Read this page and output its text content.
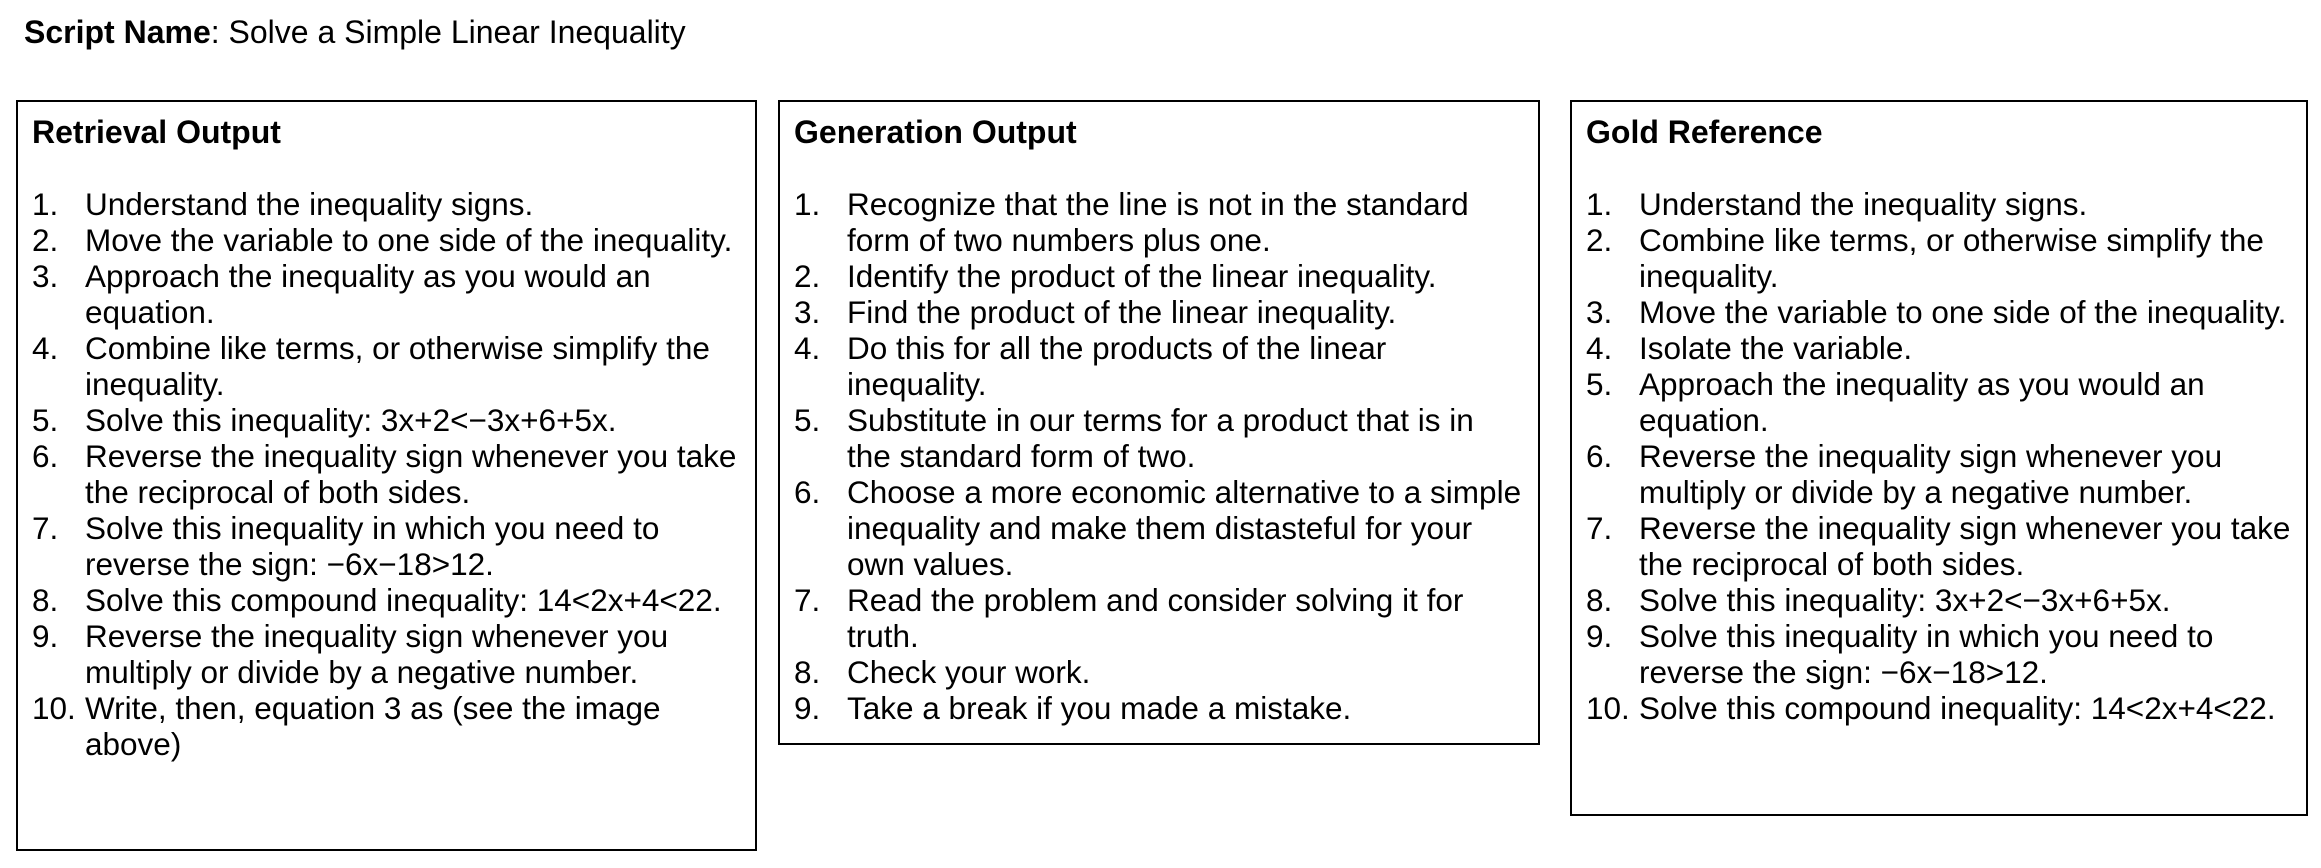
Script Name: Solve a Simple Linear Inequality
Retrieval Output
1. Understand the inequality signs.
2. Move the variable to one side of the inequality.
3. Approach the inequality as you would an equation.
4. Combine like terms, or otherwise simplify the inequality.
5. Solve this inequality: 3x+2<−3x+6+5x.
6. Reverse the inequality sign whenever you take the reciprocal of both sides.
7. Solve this inequality in which you need to reverse the sign: −6x−18>12.
8. Solve this compound inequality: 14<2x+4<22.
9. Reverse the inequality sign whenever you multiply or divide by a negative number.
10. Write, then, equation 3 as (see the image above)
Generation Output
1. Recognize that the line is not in the standard form of two numbers plus one.
2. Identify the product of the linear inequality.
3. Find the product of the linear inequality.
4. Do this for all the products of the linear inequality.
5. Substitute in our terms for a product that is in the standard form of two.
6. Choose a more economic alternative to a simple inequality and make them distasteful for your own values.
7. Read the problem and consider solving it for truth.
8. Check your work.
9. Take a break if you made a mistake.
Gold Reference
1. Understand the inequality signs.
2. Combine like terms, or otherwise simplify the inequality.
3. Move the variable to one side of the inequality.
4. Isolate the variable.
5. Approach the inequality as you would an equation.
6. Reverse the inequality sign whenever you multiply or divide by a negative number.
7. Reverse the inequality sign whenever you take the reciprocal of both sides.
8. Solve this inequality: 3x+2<−3x+6+5x.
9. Solve this inequality in which you need to reverse the sign: −6x−18>12.
10. Solve this compound inequality: 14<2x+4<22.
